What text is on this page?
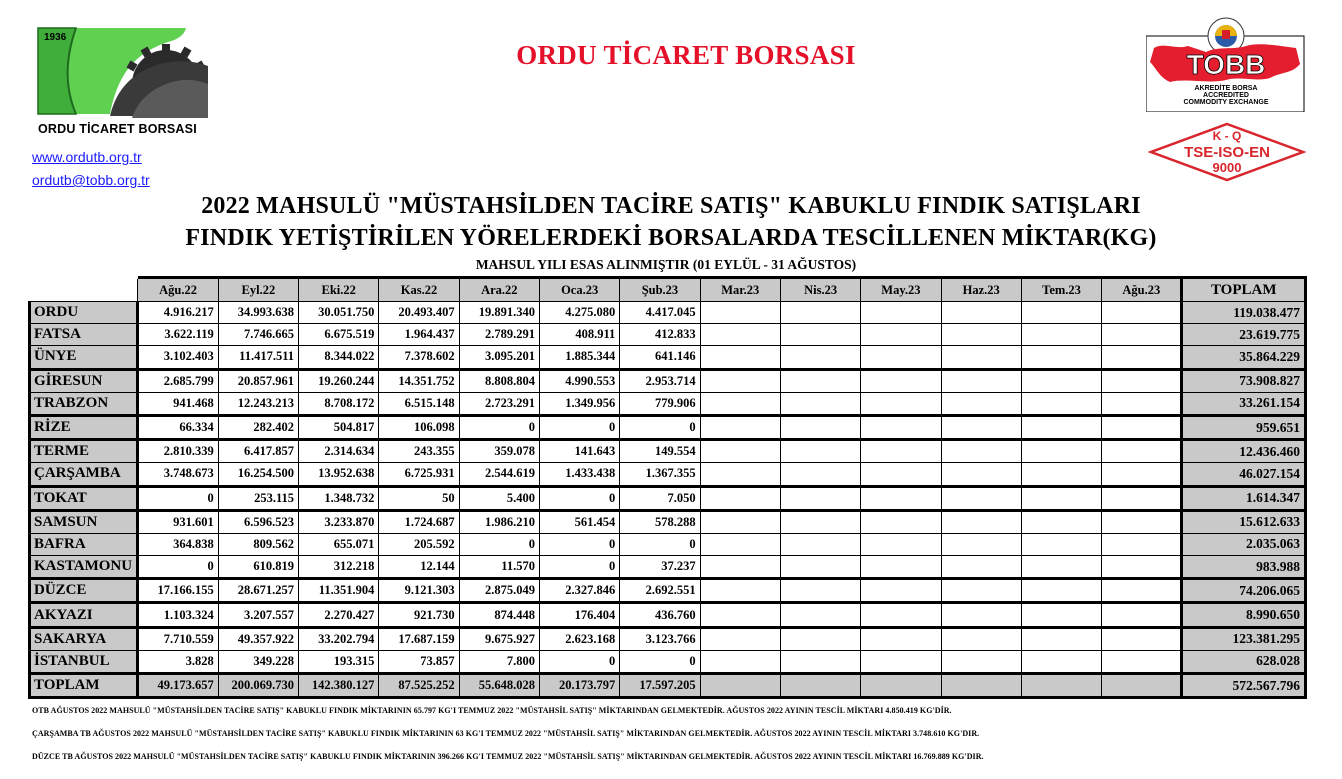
1936
ORDU TİCARET BORSASI
www.ordutb.org.tr
ordutb@tobb.org.tr
ORDU TİCARET BORSASI	TOBB
AKREDİTE BORSA
ACCREDITED
COMMODITY EXCHANGE
K - Q
TSE-ISO-EN
9000
2022 MAHSULÜ "MÜSTAHSİLDEN TACİRE SATIŞ" KABUKLU FINDIK SATIŞLARI
FINDIK YETİŞTİRİLEN YÖRELERDEKİ BORSALARDA TESCİLLENEN MİKTAR(KG)
MAHSUL YILI ESAS ALINMIŞTIR (01 EYLÜL - 31 AĞUSTOS)
	Ağu.22	Eyl.22	Eki.22	Kas.22	Ara.22	Oca.23	Şub.23	Mar.23	Nis.23	May.23	Haz.23	Tem.23	Ağu.23	TOPLAM
ORDU	4.916.217	34.993.638	30.051.750	20.493.407	19.891.340	4.275.080	4.417.045							119.038.477
FATSA	3.622.119	7.746.665	6.675.519	1.964.437	2.789.291	408.911	412.833							23.619.775
ÜNYE	3.102.403	11.417.511	8.344.022	7.378.602	3.095.201	1.885.344	641.146							35.864.229
GİRESUN	2.685.799	20.857.961	19.260.244	14.351.752	8.808.804	4.990.553	2.953.714							73.908.827
TRABZON	941.468	12.243.213	8.708.172	6.515.148	2.723.291	1.349.956	779.906							33.261.154
RİZE	66.334	282.402	504.817	106.098	0	0	0							959.651
TERME	2.810.339	6.417.857	2.314.634	243.355	359.078	141.643	149.554							12.436.460
ÇARŞAMBA	3.748.673	16.254.500	13.952.638	6.725.931	2.544.619	1.433.438	1.367.355							46.027.154
TOKAT	0	253.115	1.348.732	50	5.400	0	7.050							1.614.347
SAMSUN	931.601	6.596.523	3.233.870	1.724.687	1.986.210	561.454	578.288							15.612.633
BAFRA	364.838	809.562	655.071	205.592	0	0	0							2.035.063
KASTAMONU	0	610.819	312.218	12.144	11.570	0	37.237							983.988
DÜZCE	17.166.155	28.671.257	11.351.904	9.121.303	2.875.049	2.327.846	2.692.551							74.206.065
AKYAZI	1.103.324	3.207.557	2.270.427	921.730	874.448	176.404	436.760							8.990.650
SAKARYA	7.710.559	49.357.922	33.202.794	17.687.159	9.675.927	2.623.168	3.123.766							123.381.295
İSTANBUL	3.828	349.228	193.315	73.857	7.800	0	0							628.028
TOPLAM	49.173.657	200.069.730	142.380.127	87.525.252	55.648.028	20.173.797	17.597.205							572.567.796
OTB AĞUSTOS 2022 MAHSULÜ "MÜSTAHSİLDEN TACİRE SATIŞ" KABUKLU FINDIK MİKTARININ 65.797 KG'I TEMMUZ 2022 "MÜSTAHSİL SATIŞ" MİKTARINDAN GELMEKTEDİR. AĞUSTOS 2022 AYININ TESCİL MİKTARI 4.850.419 KG'DİR.
ÇARŞAMBA TB AĞUSTOS 2022 MAHSULÜ "MÜSTAHSİLDEN TACİRE SATIŞ" KABUKLU FINDIK MİKTARININ 63 KG'I TEMMUZ 2022 "MÜSTAHSİL SATIŞ" MİKTARINDAN GELMEKTEDİR. AĞUSTOS 2022 AYININ TESCİL MİKTARI 3.748.610 KG'DIR.
DÜZCE TB AĞUSTOS 2022 MAHSULÜ "MÜSTAHSİLDEN TACİRE SATIŞ" KABUKLU FINDIK MİKTARININ 396.266 KG'I TEMMUZ 2022 "MÜSTAHSİL SATIŞ" MİKTARINDAN GELMEKTEDİR. AĞUSTOS 2022 AYININ TESCİL MİKTARI 16.769.889 KG'DIR.
